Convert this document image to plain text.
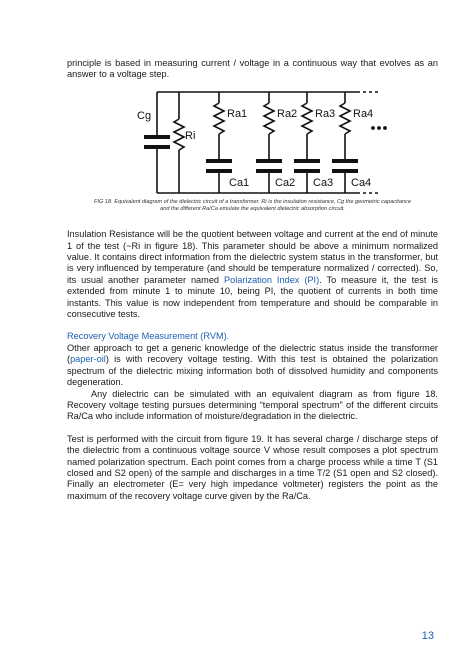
principle is based in measuring current / voltage in a continuous way that evolves as an answer to a voltage step.

Cg
Ri
Ra1	Ra2 Ra3 Ra4
Ca1 Ca2 Ca3 Ca4

FIG 18. Equivalent diagram of the dielectric circuit of a transformer. Ri is the insulation resistance, Cg the geometric capacitance

and the different Ra/Ca emulate the equivalent dielectric absorption circuit.

Insulation Resistance will be the quotient between voltage and current at the end of minute 1 of the test (~Ri in figure 18). This parameter should be above a minimum normalized value. It contains direct information from the dielectric system status in the transformer, but is very influenced by temperature (and should be temperature normalized / corrected). So, its usual another parameter named Polarization Index (PI). To measure it, the test is extended from minute 1 to minute 10, being PI, the quotient of currents in both time instants. This value is now independent from temperature and should be comparable in consecutive tests.

Recovery Voltage Measurement (RVM).

Other approach to get a generic knowledge of the dielectric status inside the transformer (paper-oil) is with recovery voltage testing. With this test is obtained the polarization spectrum of the dielectric mixing information both of dissolved humidity and components degeneration.

Any dielectric can be simulated with an equivalent diagram as from figure 18. Recovery voltage testing pursues determining “temporal spectrum” of the different circuits Ra/Ca who include information of moisture/degradation in the dielectric.

Test is performed with the circuit from figure 19. It has several charge / discharge steps of the dielectric from a continuous voltage source V whose result composes a plot spectrum named polarization spectrum. Each point comes from a charge process while a time T (S1 closed and S2 open) of the sample and discharges in a time T/2 (S1 open and S2 closed). Finally an electrometer (E= very high impedance voltmeter) registers the point as the maximum of the recovery voltage curve given by the Ra/Ca.

13
